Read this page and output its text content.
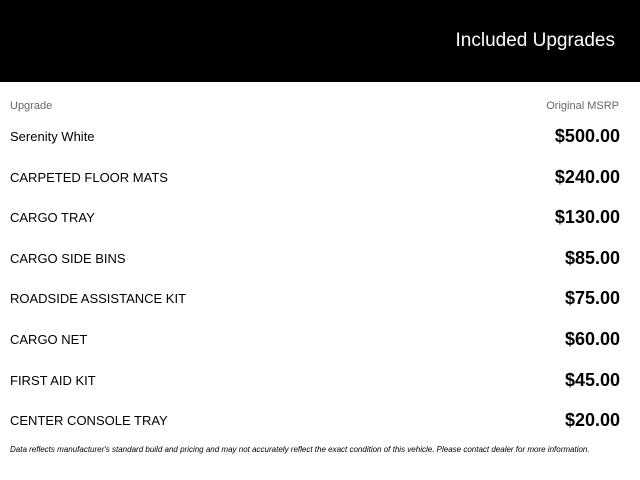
Included Upgrades
Upgrade	Original MSRP
Serenity White	$500.00
CARPETED FLOOR MATS	$240.00
CARGO TRAY	$130.00
CARGO SIDE BINS	$85.00
ROADSIDE ASSISTANCE KIT	$75.00
CARGO NET	$60.00
FIRST AID KIT	$45.00
CENTER CONSOLE TRAY	$20.00
Data reflects manufacturer's standard build and pricing and may not accurately reflect the exact condition of this vehicle. Please contact dealer for more information.
